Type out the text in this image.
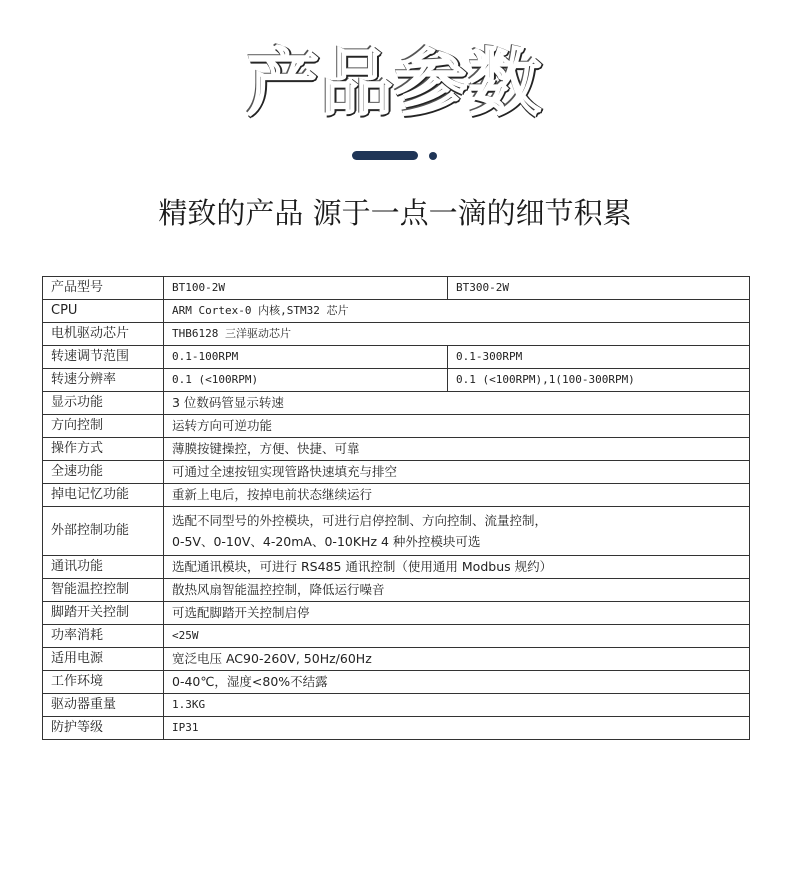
产品参数
精致的产品 源于一点一滴的细节积累
产品型号	BT100-2W	BT300-2W
CPU	ARM Cortex-0 内核,STM32 芯片	
电机驱动芯片	THB6128 三洋驱动芯片	
转速调节范围	0.1-100RPM	0.1-300RPM
转速分辨率	0.1 (<100RPM)	0.1 (<100RPM),1(100-300RPM)
显示功能	3 位数码管显示转速	
方向控制	运转方向可逆功能	
操作方式	薄膜按键操控，方便、快捷、可靠	
全速功能	可通过全速按钮实现管路快速填充与排空	
掉电记忆功能	重新上电后，按掉电前状态继续运行	
外部控制功能	选配不同型号的外控模块，可进行启停控制、方向控制、流量控制，
0-5V、0-10V、4-20mA、0-10KHz 4 种外控模块可选	

通讯功能	选配通讯模块，可进行 RS485 通讯控制（使用通用 Modbus 规约）	
智能温控控制	散热风扇智能温控控制，降低运行噪音	
脚踏开关控制	可选配脚踏开关控制启停	
功率消耗	<25W	
适用电源	宽泛电压 AC90-260V, 50Hz/60Hz	
工作环境	0-40℃，湿度<80%不结露	
驱动器重量	1.3KG	
防护等级	IP31	
